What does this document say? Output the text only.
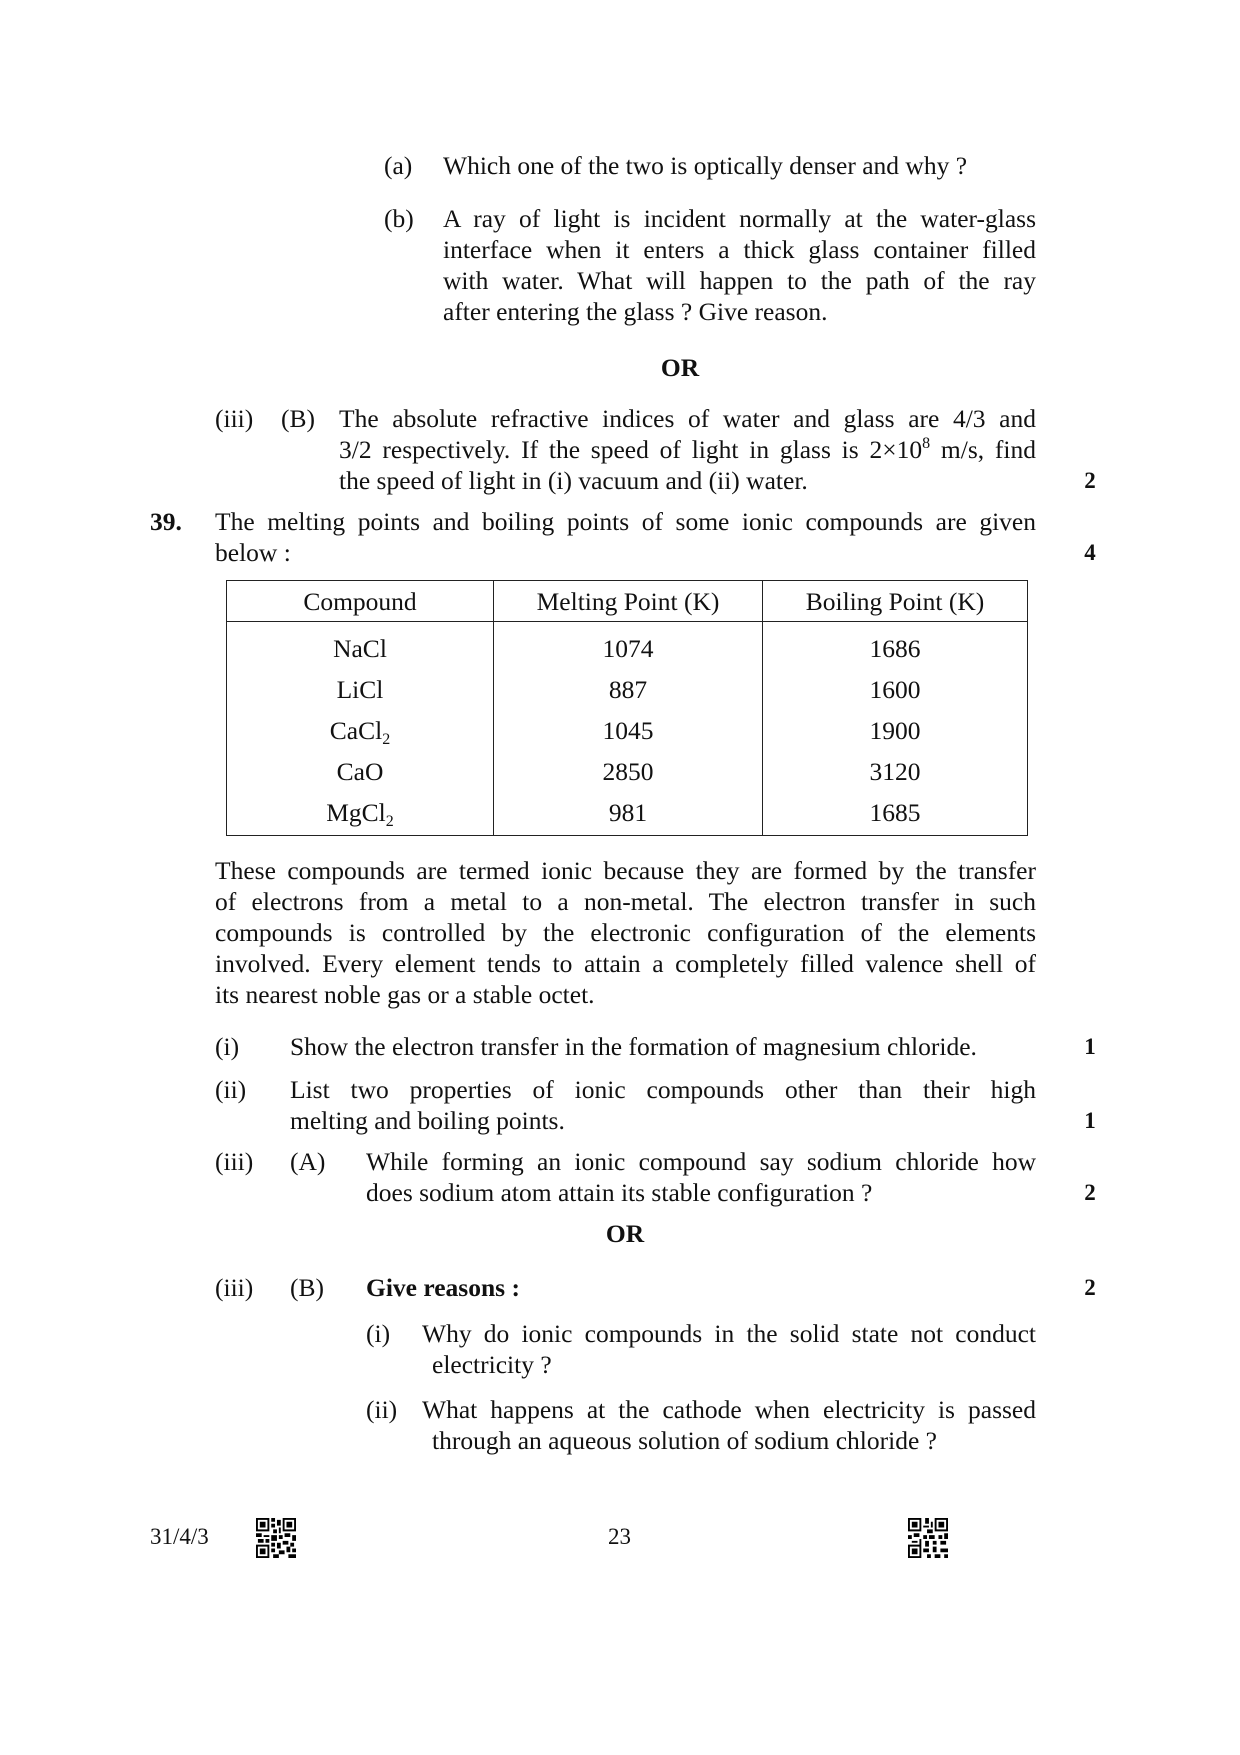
(a) Which one of the two is optically denser and why ?
(b) A ray of light is incident normally at the water-glass
interface when it enters a thick glass container filled
with water. What will happen to the path of the ray
after entering the glass ? Give reason.
OR
(iii) (B) The absolute refractive indices of water and glass are 4/3 and
3/2 respectively. If the speed of light in glass is $2\times 10^8$ m/s, find
the speed of light in (i) vacuum and (ii) water.	2
39. The melting points and boiling points of some ionic compounds are given
below :	4
Compound	Melting Point (K)	Boiling Point (K)
NaCl	1074	1686
LiCl	887	1600
CaCl$_2$	1045	1900
CaO	2850	3120
MgCl$_2$	981	1685
These compounds are termed ionic because they are formed by the transfer
of electrons from a metal to a non-metal. The electron transfer in such
compounds is controlled by the electronic configuration of the elements
involved. Every element tends to attain a completely filled valence shell of
its nearest noble gas or a stable octet.
(i) Show the electron transfer in the formation of magnesium chloride.	1
(ii) List two properties of ionic compounds other than their high
melting and boiling points.	1
(iii) (A) While forming an ionic compound say sodium chloride how
does sodium atom attain its stable configuration ?	2
OR
(iii) (B) Give reasons :	2
(i) Why do ionic compounds in the solid state not conduct
electricity ?
(ii) What happens at the cathode when electricity is passed
through an aqueous solution of sodium chloride ?
31/4/3	23
